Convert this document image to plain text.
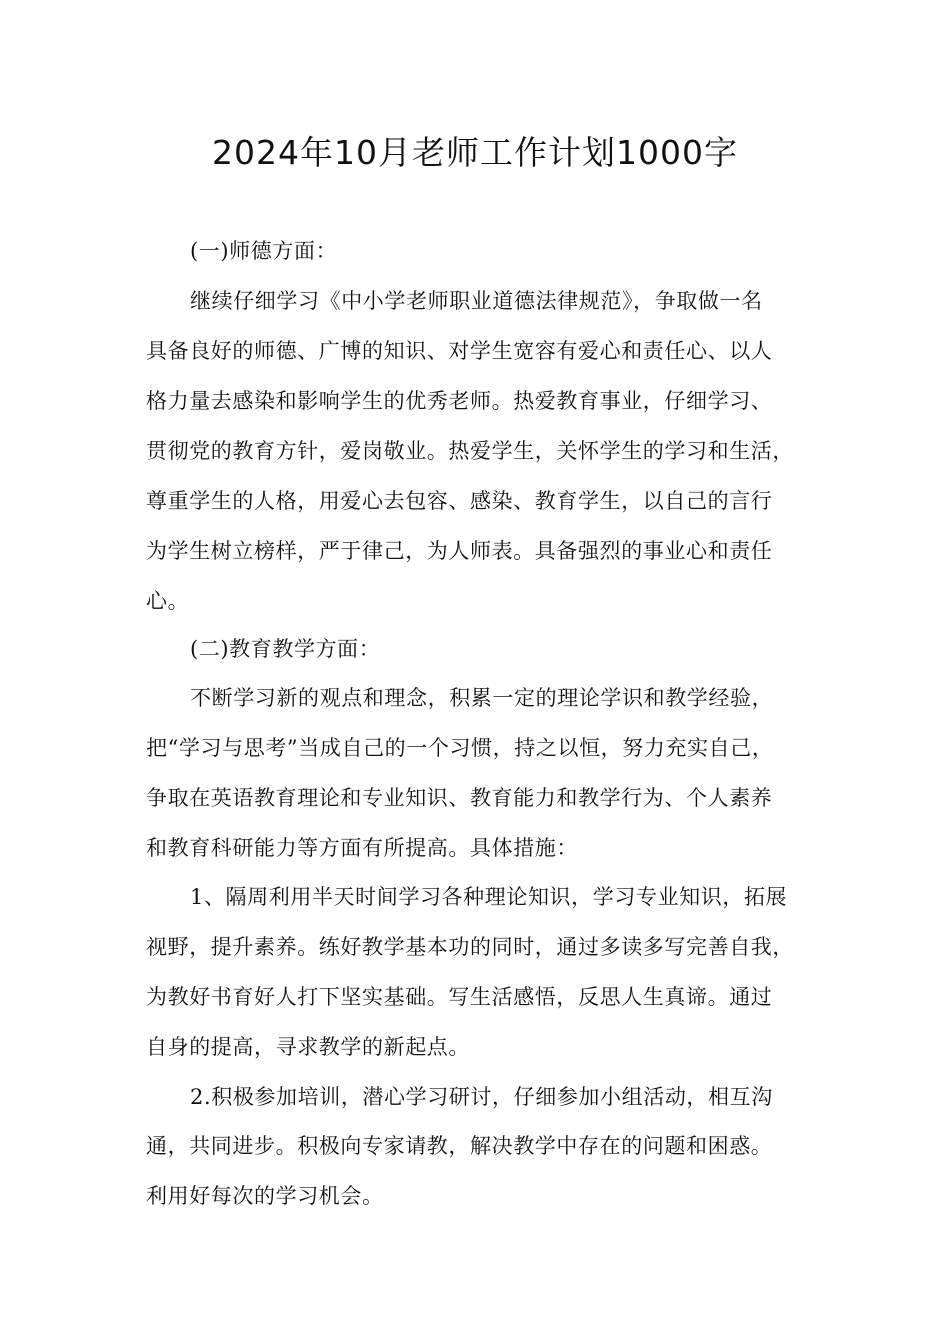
2024年10月老师工作计划1000字

(一)师德方面：

继续仔细学习《中小学老师职业道德法律规范》，争取做一名

具备良好的师德、广博的知识、对学生宽容有爱心和责任心、以人

格力量去感染和影响学生的优秀老师。热爱教育事业，仔细学习、

贯彻党的教育方针，爱岗敬业。热爱学生，关怀学生的学习和生活，

尊重学生的人格，用爱心去包容、感染、教育学生，以自己的言行

为学生树立榜样，严于律己，为人师表。具备强烈的事业心和责任

心。

(二)教育教学方面：

不断学习新的观点和理念，积累一定的理论学识和教学经验，

把“学习与思考”当成自己的一个习惯，持之以恒，努力充实自己，

争取在英语教育理论和专业知识、教育能力和教学行为、个人素养

和教育科研能力等方面有所提高。具体措施：

1、隔周利用半天时间学习各种理论知识，学习专业知识，拓展

视野，提升素养。练好教学基本功的同时，通过多读多写完善自我，

为教好书育好人打下坚实基础。写生活感悟，反思人生真谛。通过

自身的提高，寻求教学的新起点。

2.积极参加培训，潜心学习研讨，仔细参加小组活动，相互沟

通，共同进步。积极向专家请教，解决教学中存在的问题和困惑。

利用好每次的学习机会。
